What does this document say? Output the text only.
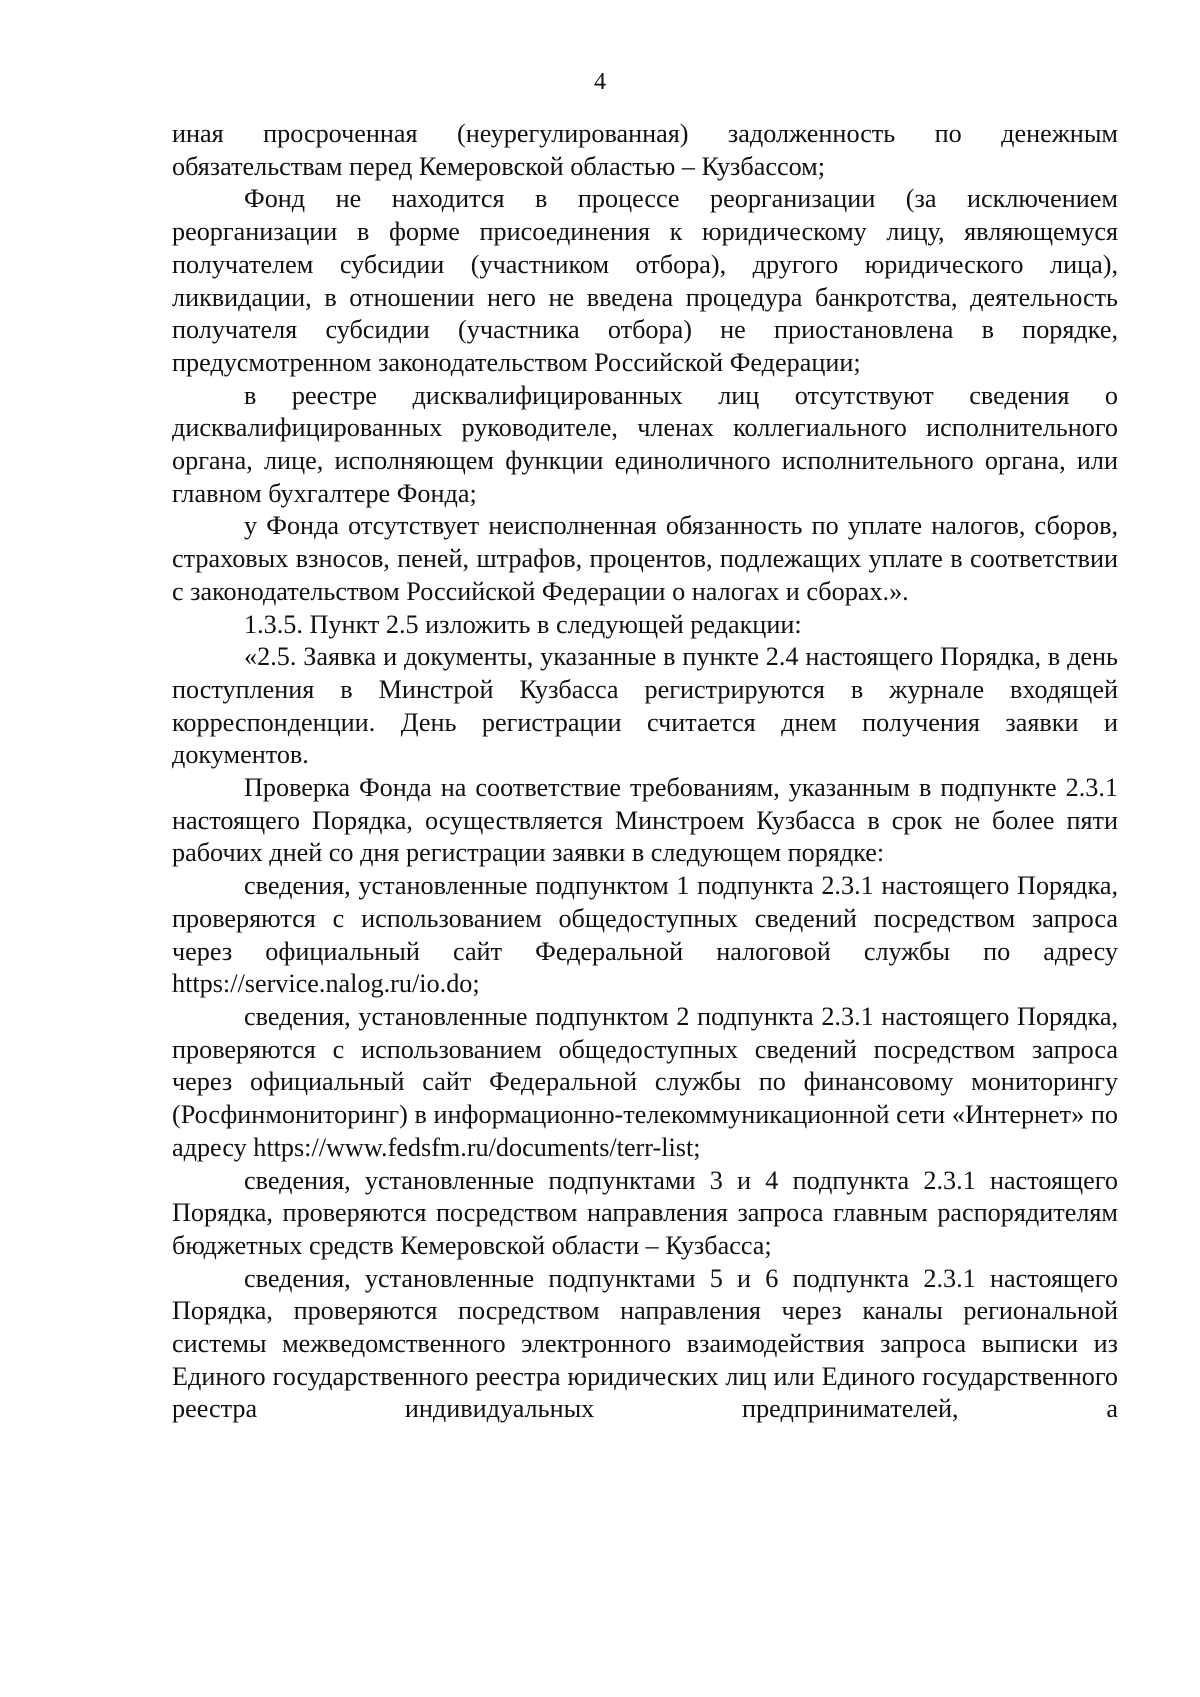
4

иная просроченная (неурегулированная) задолженность по денежным обязательствам перед Кемеровской областью – Кузбассом;

Фонд не находится в процессе реорганизации (за исключением реорганизации в форме присоединения к юридическому лицу, являющемуся получателем субсидии (участником отбора), другого юридического лица), ликвидации, в отношении него не введена процедура банкротства, деятельность получателя субсидии (участника отбора) не приостановлена в порядке, предусмотренном законодательством Российской Федерации;

в реестре дисквалифицированных лиц отсутствуют сведения о дисквалифицированных руководителе, членах коллегиального исполнительного органа, лице, исполняющем функции единоличного исполнительного органа, или главном бухгалтере Фонда;

у Фонда отсутствует неисполненная обязанность по уплате налогов, сборов, страховых взносов, пеней, штрафов, процентов, подлежащих уплате в соответствии с законодательством Российской Федерации о налогах и сборах.».

1.3.5. Пункт 2.5 изложить в следующей редакции:

«2.5. Заявка и документы, указанные в пункте 2.4 настоящего Порядка, в день поступления в Минстрой Кузбасса регистрируются в журнале входящей корреспонденции. День регистрации считается днем получения заявки и документов.

Проверка Фонда на соответствие требованиям, указанным в подпункте 2.3.1 настоящего Порядка, осуществляется Минстроем Кузбасса в срок не более пяти рабочих дней со дня регистрации заявки в следующем порядке:

сведения, установленные подпунктом 1 подпункта 2.3.1 настоящего Порядка, проверяются с использованием общедоступных сведений посредством запроса через официальный сайт Федеральной налоговой службы по адресу https://service.nalog.ru/io.do;

сведения, установленные подпунктом 2 подпункта 2.3.1 настоящего Порядка, проверяются с использованием общедоступных сведений посредством запроса через официальный сайт Федеральной службы по финансовому мониторингу (Росфинмониторинг) в информационно-телекоммуникационной сети «Интернет» по адресу https://www.fedsfm.ru/documents/terr-list;

сведения, установленные подпунктами 3 и 4 подпункта 2.3.1 настоящего Порядка, проверяются посредством направления запроса главным распорядителям бюджетных средств Кемеровской области – Кузбасса;

сведения, установленные подпунктами 5 и 6 подпункта 2.3.1 настоящего Порядка, проверяются посредством направления через каналы региональной системы межведомственного электронного взаимодействия запроса выписки из Единого государственного реестра юридических лиц или Единого государственного реестра индивидуальных предпринимателей, а
